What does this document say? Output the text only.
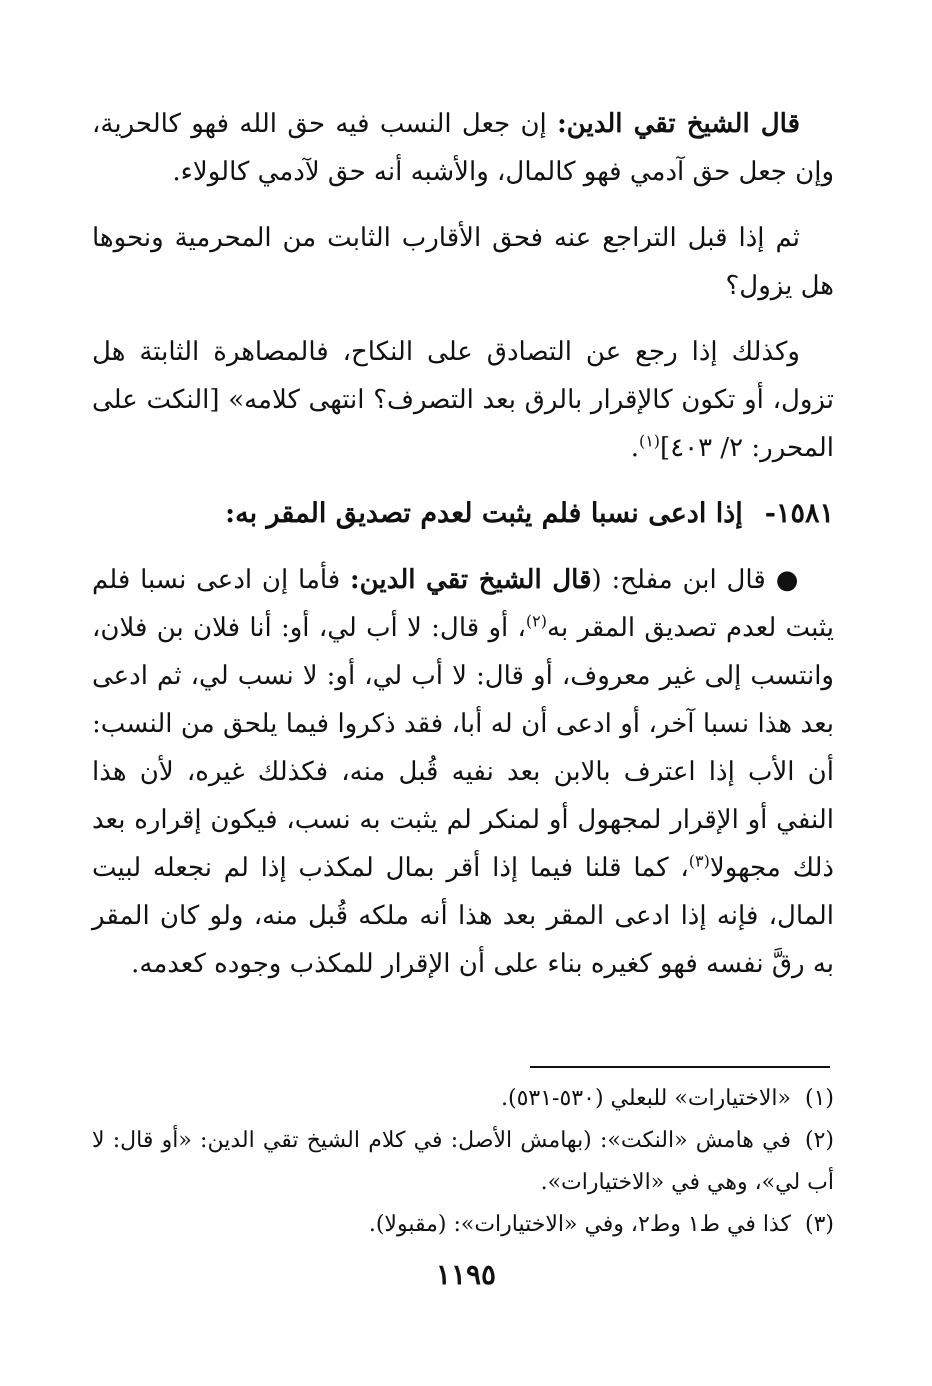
قال الشيخ تقي الدين: إن جعل النسب فيه حق الله فهو كالحرية، وإن جعل حق آدمي فهو كالمال، والأشبه أنه حق لآدمي كالولاء.

ثم إذا قبل التراجع عنه فحق الأقارب الثابت من المحرمية ونحوها هل يزول؟

وكذلك إذا رجع عن التصادق على النكاح، فالمصاهرة الثابتة هل تزول، أو تكون كالإقرار بالرق بعد التصرف؟ انتهى كلامه» [النكت على المحرر: ٢/ ٤٠٣]$^{(١)}$.

١٥٨١-إذا ادعى نسبا فلم يثبت لعدم تصديق المقر به:

●قال ابن مفلح: (قال الشيخ تقي الدين: فأما إن ادعى نسبا فلم يثبت لعدم تصديق المقر به$^{(٢)}$، أو قال: لا أب لي، أو: أنا فلان بن فلان، وانتسب إلى غير معروف، أو قال: لا أب لي، أو: لا نسب لي، ثم ادعى بعد هذا نسبا آخر، أو ادعى أن له أبا، فقد ذكروا فيما يلحق من النسب: أن الأب إذا اعترف بالابن بعد نفيه قُبل منه، فكذلك غيره، لأن هذا النفي أو الإقرار لمجهول أو لمنكر لم يثبت به نسب، فيكون إقراره بعد ذلك مجهولا$^{(٣)}$، كما قلنا فيما إذا أقر بمال لمكذب إذا لم نجعله لبيت المال، فإنه إذا ادعى المقر بعد هذا أنه ملكه قُبل منه، ولو كان المقر به رقَّ نفسه فهو كغيره بناء على أن الإقرار للمكذب وجوده كعدمه.

(١)«الاختيارات» للبعلي (٥٣٠-٥٣١).

(٢)في هامش «النكت»: (بهامش الأصل: في كلام الشيخ تقي الدين: «أو قال: لا أب لي»، وهي في «الاختيارات».

(٣)كذا في ط١ وط٢، وفي «الاختيارات»: (مقبولا).

١١٩٥
